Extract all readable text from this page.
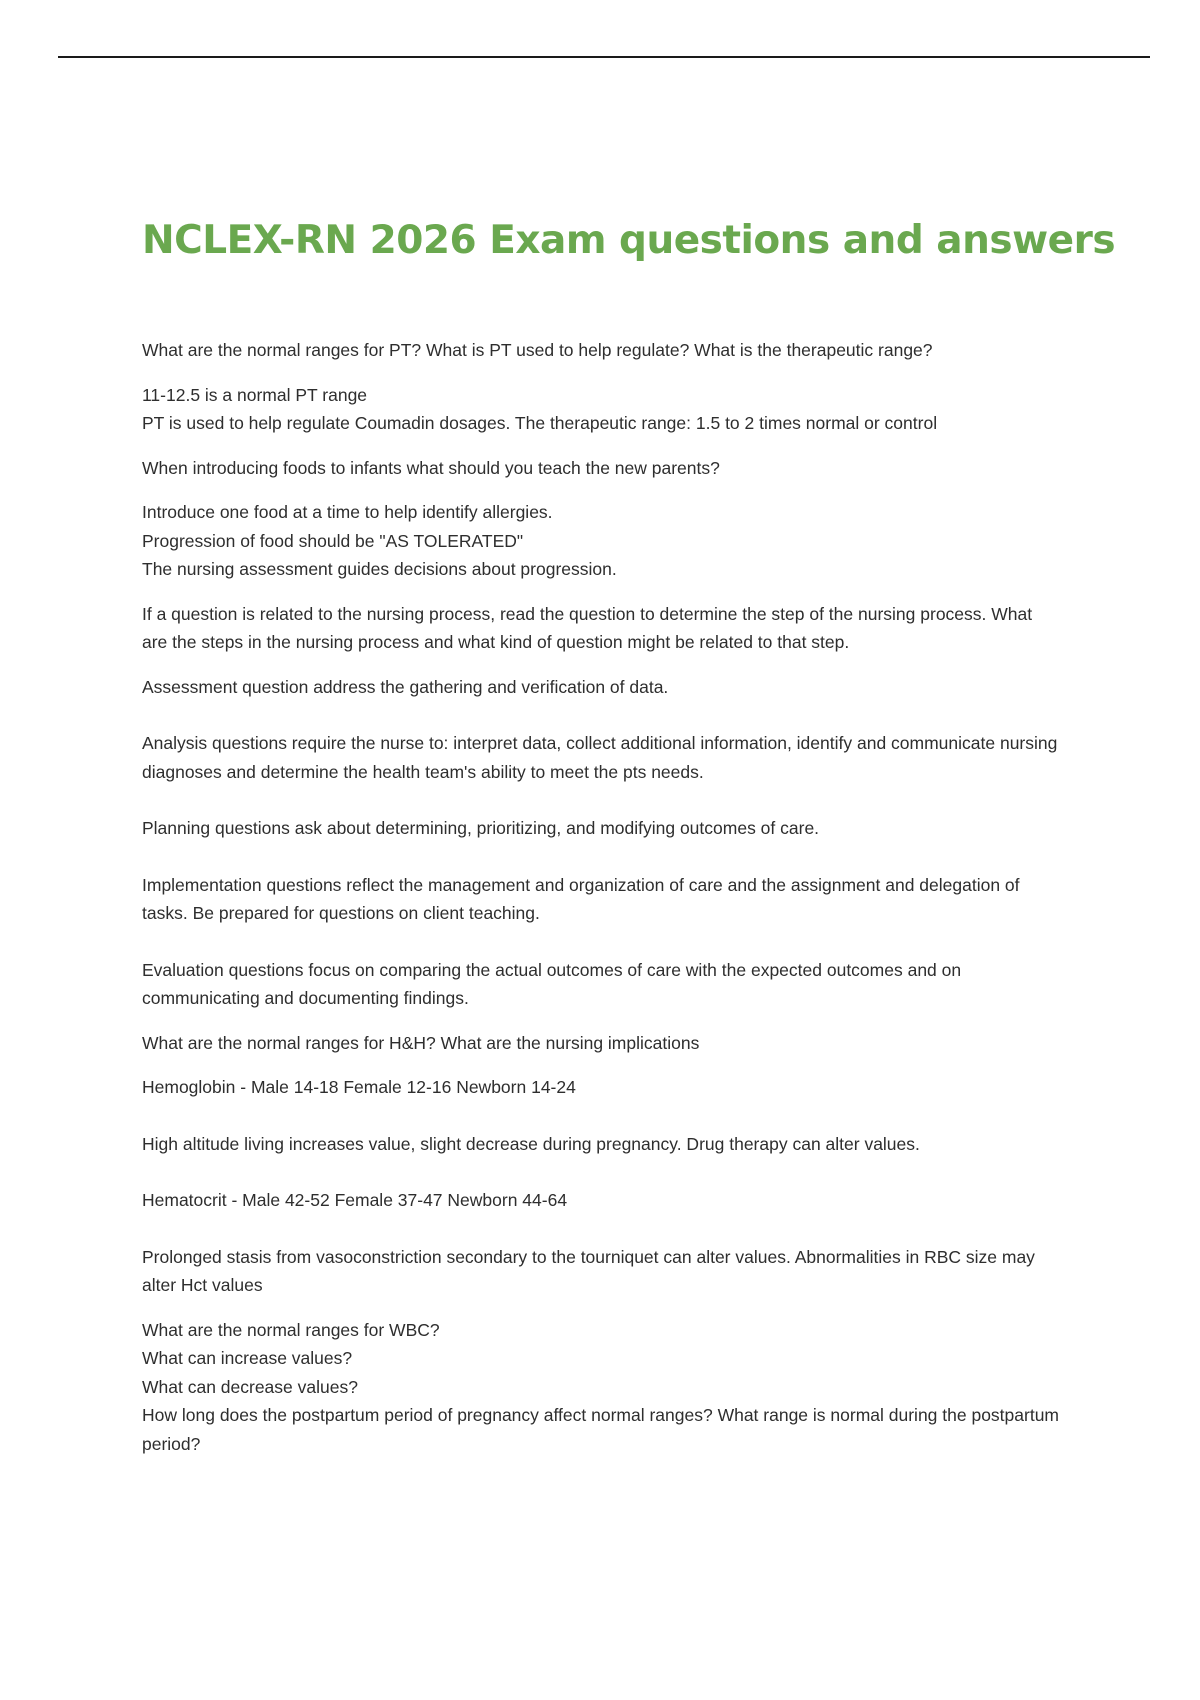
NCLEX-RN 2026 Exam questions and answers

What are the normal ranges for PT? What is PT used to help regulate? What is the therapeutic range?

11-12.5 is a normal PT range

PT is used to help regulate Coumadin dosages. The therapeutic range: 1.5 to 2 times normal or control

When introducing foods to infants what should you teach the new parents?

Introduce one food at a time to help identify allergies.

Progression of food should be "AS TOLERATED"

The nursing assessment guides decisions about progression.

If a question is related to the nursing process, read the question to determine the step of the nursing process. What are the steps in the nursing process and what kind of question might be related to that step.

Assessment question address the gathering and verification of data.

Analysis questions require the nurse to: interpret data, collect additional information, identify and communicate nursing diagnoses and determine the health team's ability to meet the pts needs.

Planning questions ask about determining, prioritizing, and modifying outcomes of care.

Implementation questions reflect the management and organization of care and the assignment and delegation of tasks. Be prepared for questions on client teaching.

Evaluation questions focus on comparing the actual outcomes of care with the expected outcomes and on communicating and documenting findings.

What are the normal ranges for H&H? What are the nursing implications

Hemoglobin - Male 14-18 Female 12-16 Newborn 14-24

High altitude living increases value, slight decrease during pregnancy. Drug therapy can alter values.

Hematocrit - Male 42-52 Female 37-47 Newborn 44-64

Prolonged stasis from vasoconstriction secondary to the tourniquet can alter values. Abnormalities in RBC size may alter Hct values

What are the normal ranges for WBC?

What can increase values?

What can decrease values?

How long does the postpartum period of pregnancy affect normal ranges? What range is normal during the postpartum period?
